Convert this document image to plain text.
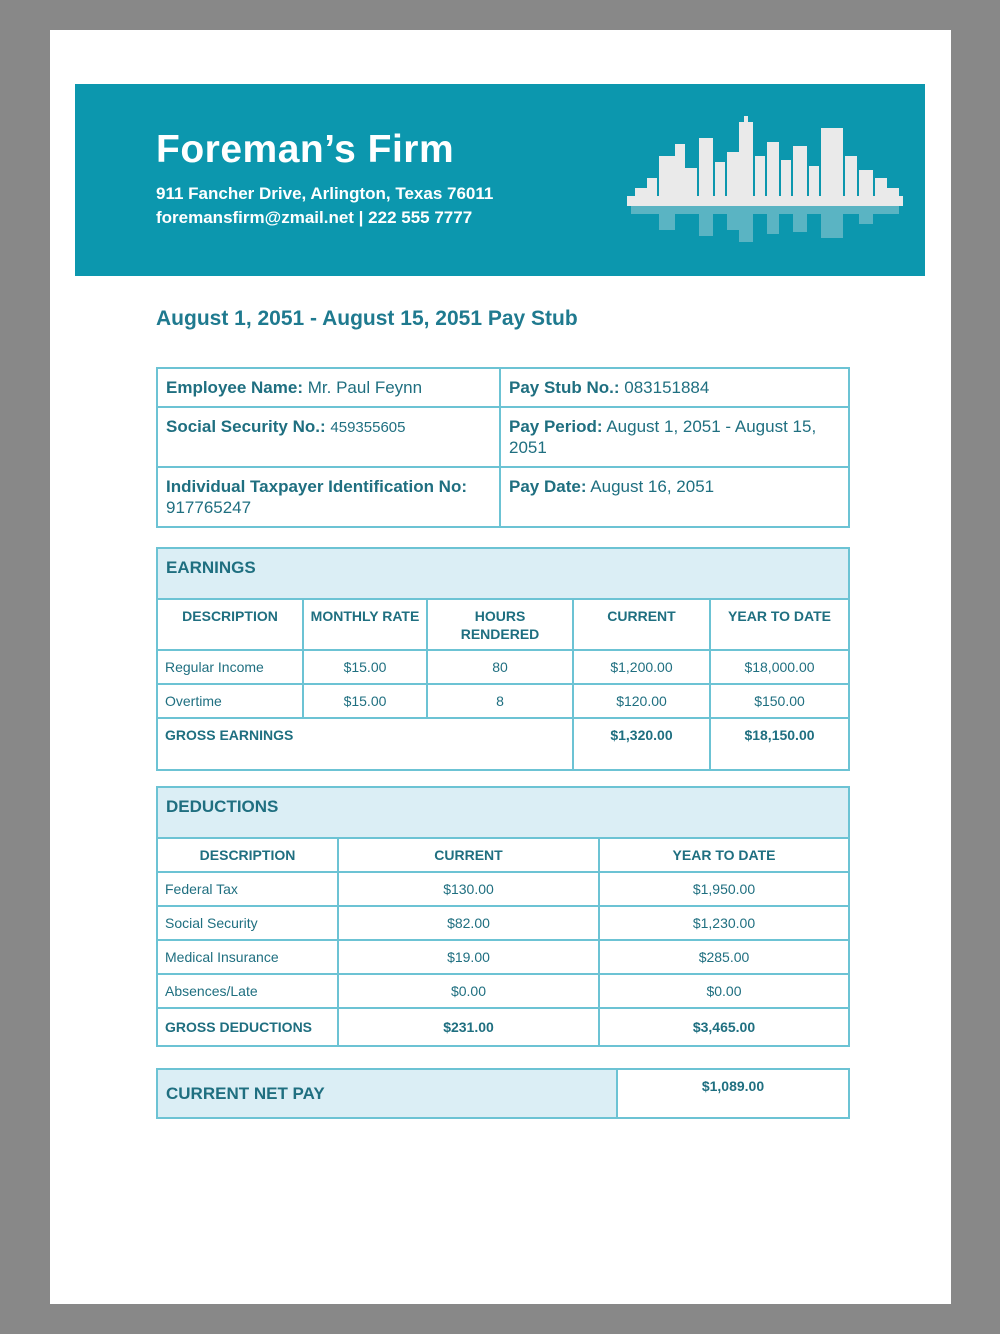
Foreman’s Firm
911 Fancher Drive, Arlington, Texas 76011
foremansfirm@zmail.net | 222 555 7777
August 1, 2051 - August 15, 2051 Pay Stub
Employee Name: Mr. Paul Feynn	Pay Stub No.: 083151884
Social Security No.: 459355605	Pay Period: August 1, 2051 - August 15, 2051
Individual Taxpayer Identification No:
917765247	Pay Date: August 16, 2051
EARNINGS				
DESCRIPTION	MONTHLY RATE	HOURS RENDERED	CURRENT	YEAR TO DATE
Regular Income	$15.00	80	$1,200.00	$18,000.00
Overtime	$15.00	8	$120.00	$150.00
GROSS EARNINGS			$1,320.00	$18,150.00
DEDUCTIONS		
DESCRIPTION	CURRENT	YEAR TO DATE
Federal Tax	$130.00	$1,950.00
Social Security	$82.00	$1,230.00
Medical Insurance	$19.00	$285.00
Absences/Late	$0.00	$0.00
GROSS DEDUCTIONS	$231.00	$3,465.00
CURRENT NET PAY	$1,089.00
